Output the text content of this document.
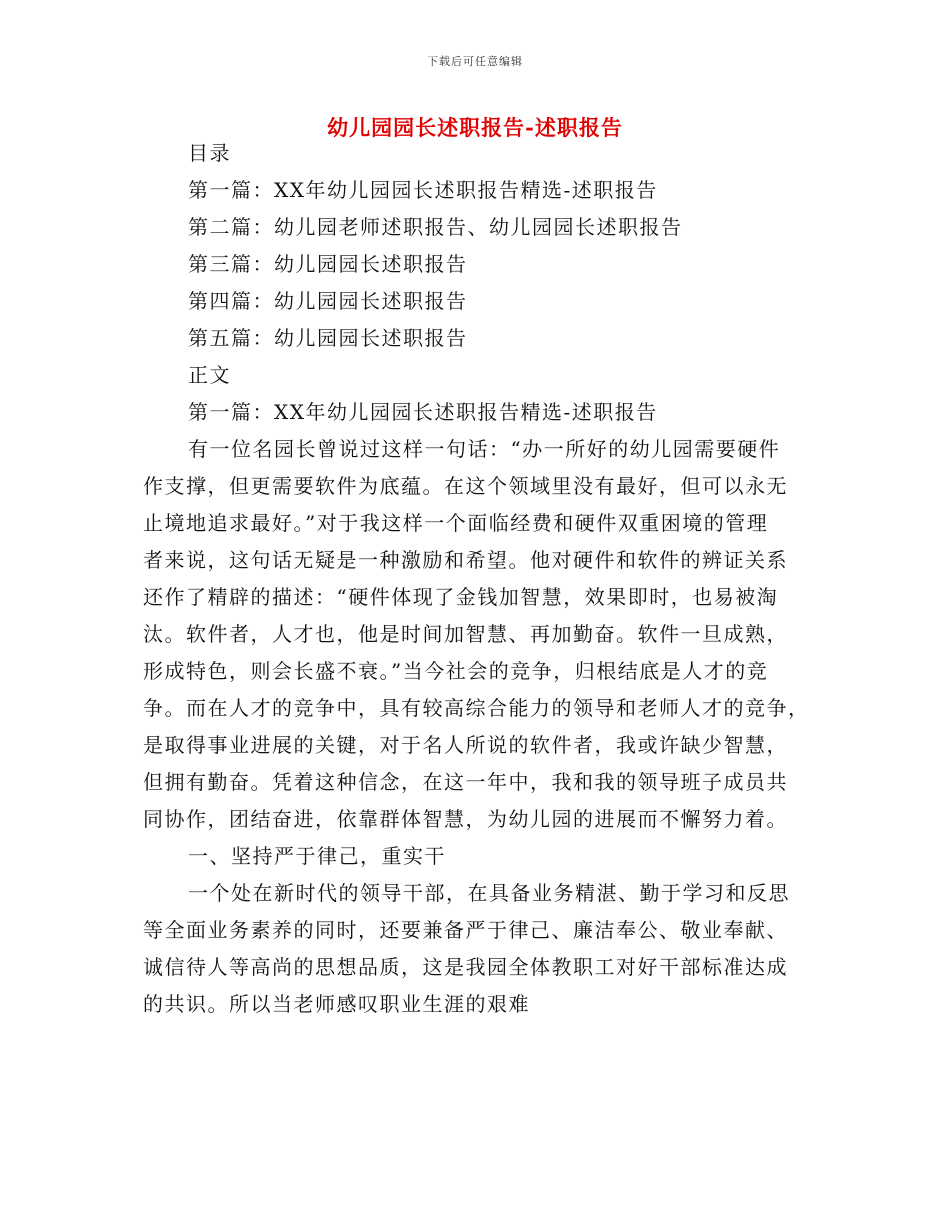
下载后可任意编辑
幼儿园园长述职报告-述职报告
目录
第一篇：XX年幼儿园园长述职报告精选-述职报告
第二篇：幼儿园老师述职报告、幼儿园园长述职报告
第三篇：幼儿园园长述职报告
第四篇：幼儿园园长述职报告
第五篇：幼儿园园长述职报告
正文
第一篇：XX年幼儿园园长述职报告精选-述职报告
有一位名园长曾说过这样一句话：“办一所好的幼儿园需要硬件
作支撑，但更需要软件为底蕴。在这个领域里没有最好，但可以永无
止境地追求最好。”对于我这样一个面临经费和硬件双重困境的管理
者来说，这句话无疑是一种激励和希望。他对硬件和软件的辨证关系
还作了精辟的描述：“硬件体现了金钱加智慧，效果即时，也易被淘
汰。软件者，人才也，他是时间加智慧、再加勤奋。软件一旦成熟，
形成特色，则会长盛不衰。”当今社会的竞争，归根结底是人才的竞
争。而在人才的竞争中，具有较高综合能力的领导和老师人才的竞争，
是取得事业进展的关键，对于名人所说的软件者，我或许缺少智慧，
但拥有勤奋。凭着这种信念，在这一年中，我和我的领导班子成员共
同协作，团结奋进，依靠群体智慧，为幼儿园的进展而不懈努力着。
一、坚持严于律己，重实干
一个处在新时代的领导干部，在具备业务精湛、勤于学习和反思
等全面业务素养的同时，还要兼备严于律己、廉洁奉公、敬业奉献、
诚信待人等高尚的思想品质，这是我园全体教职工对好干部标准达成
的共识。所以当老师感叹职业生涯的艰难
